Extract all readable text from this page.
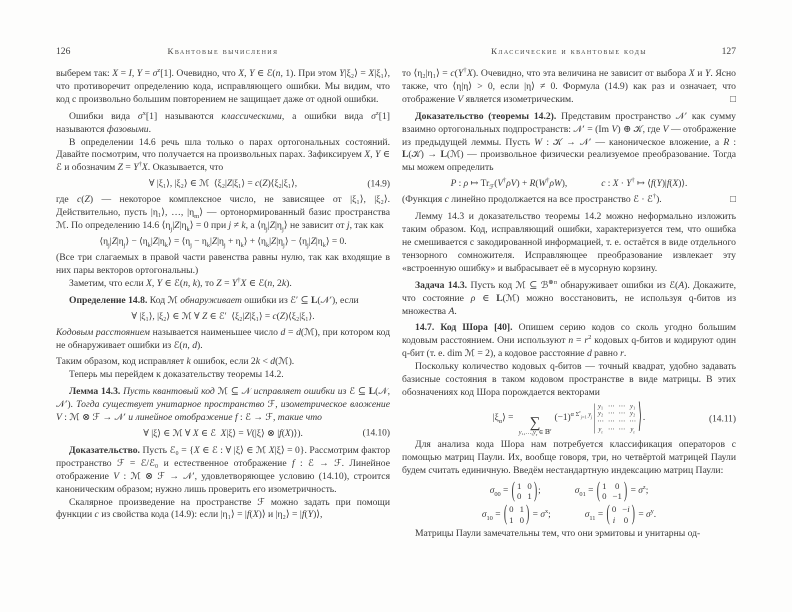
126	Квантовые вычисления

выберем так: X = I, $Y = \sigma^z[1]$. Очевидно, что X, Y ∈ ℰ(n, 1). При этом Y|ξ₂⟩ = X|ξ₁⟩, что противоречит определению кода, исправляющего ошибки. Мы видим, что код с произвольно большим повторением не защищает даже от одной ошибки.

Ошибки вида $\sigma^x[1]$ называются классическими, а ошибки вида $\sigma^z[1]$ называются фазовыми.

В определении 14.6 речь шла только о парах ортогональных состояний. Давайте посмотрим, что получается на произвольных парах. Зафиксируем X, Y ∈ ℰ и обозначим Z = Y†X. Оказывается, что

∀ |ξ₁⟩, |ξ₂⟩ ∈ ℳ ⟨ξ₂|Z|ξ₁⟩ = c(Z)⟨ξ₂|ξ₁⟩,	(14.9)

где c(Z) — некоторое комплексное число, не зависящее от |ξ₁⟩, |ξ₂⟩. Действительно, пусть |η₁⟩, …, $|\eta_m⟩$ — ортонормированный базис пространства ℳ. По определению 14.6 $⟨\eta_j|Z|\eta_k⟩ = 0$ при j ≠ k, а $⟨\eta_j|Z|\eta_j⟩$ не зависит от j, так как

$⟨\eta_j|Z|\eta_j⟩$ − $⟨\eta_k|Z|\eta_k⟩$ = $⟨\eta_j - \eta_k|Z|\eta_j$ + $\eta_k⟩$ + $⟨\eta_k|Z|\eta_j⟩$ − $⟨\eta_j|Z|\eta_k⟩ = 0$.

(Все три слагаемых в правой части равенства равны нулю, так как входящие в них пары векторов ортогональны.)

Заметим, что если X, Y ∈ ℰ(n, k), то Z = Y†X ∈ ℰ(n, 2k).

Определение 14.8. Код ℳ обнаруживает ошибки из ℰ′ ⊆ L(𝒩′), если

∀ |ξ₁⟩, |ξ₂⟩ ∈ ℳ ∀ Z ∈ ℰ′ ⟨ξ₂|Z|ξ₁⟩ = c(Z)⟨ξ₂|ξ₁⟩.

Кодовым расстоянием называется наименьшее число d = d(ℳ), при котором код не обнаруживает ошибки из ℰ(n, d).

Таким образом, код исправляет k ошибок, если 2k < d(ℳ).

Теперь мы перейдем к доказательству теоремы 14.2.

Лемма 14.3. Пусть квантовый код ℳ ⊆ 𝒩 исправляет ошибки из ℰ ⊆ L(𝒩, 𝒩′). Тогда существует унитарное пространство ℱ, изометрическое вложение V : ℳ ⊗ ℱ → 𝒩′ и линейное отображение f : ℰ → ℱ, такие что

∀ |ξ⟩ ∈ ℳ ∀ X ∈ ℰ X|ξ⟩ = V(|ξ⟩ ⊗ |f(X)⟩).	(14.10)

Доказательство. Пусть ℰ₀ = {X ∈ ℰ : ∀ |ξ⟩ ∈ ℳ X|ξ⟩ = 0}. Рассмотрим фактор пространство ℱ = ℰ/ℰ₀ и естественное отображение f : ℰ → ℱ. Линейное отображение V : ℳ ⊗ ℱ → 𝒩′, удовлетворяющее условию (14.10), строится каноническим образом; нужно лишь проверить его изометричность.

Скалярное произведение на пространстве ℱ можно задать при помощи функции c из свойства кода (14.9): если |η₁⟩ = |f(X)⟩ и |η₂⟩ = |f(Y)⟩,

Классические и квантовые коды	127

то ⟨η₂|η₁⟩ = c(Y†X). Очевидно, что эта величина не зависит от выбора X и Y. Ясно также, что ⟨η|η⟩ > 0, если |η⟩ ≠ 0. Формула (14.9) как раз и означает, что отображение V является изометрическим.	□

Доказательство (теоремы 14.2). Представим пространство 𝒩′ как сумму взаимно ортогональных подпространств: 𝒩′ = (Im V) ⊕ 𝒦, где V — отображение из предыдущей леммы. Пусть W : 𝒦 → 𝒩′ — каноническое вложение, а R : L(𝒦) → L(ℳ) — произвольное физически реализуемое преобразование. Тогда мы можем определить

P : ρ ↦ $Tr_ℱ(V^\dagger\rho V) + R(W^\dagger\rho W)$,	c : X · Y† ↦ ⟨f(Y)|f(X)⟩.

(Функция c линейно продолжается на все пространство ℰ · ℰ†).	□

Лемму 14.3 и доказательство теоремы 14.2 можно неформально изложить таким образом. Код, исправляющий ошибки, характеризуется тем, что ошибка не смешивается с закодированной информацией, т. е. остаётся в виде отдельного тензорного сомножителя. Исправляющее преобразование извлекает эту «встроенную ошибку» и выбрасывает её в мусорную корзину.

Задача 14.3. Пусть код ℳ ⊆ ℬ$^{\otimes n}$ обнаруживает ошибки из ℰ(A). Докажите, что состояние ρ ∈ L(ℳ) можно восстановить, не используя q-битов из множества A.

14.7. Код Шора [40]. Опишем серию кодов со сколь угодно большим кодовым расстоянием. Они используют $n = r^2$ кодовых q-битов и кодируют один q-бит (т. е. dim ℳ = 2), а кодовое расстояние d равно r.

Поскольку количество кодовых q-битов — точный квадрат, удобно задавать базисные состояния в таком кодовом пространстве в виде матрицы. В этих обозначениях код Шора порождается векторами

$|\xi_\alpha⟩$ = ∑
$y_1,\dots,y_r$ ∈ 𝔹$^r$
$(-1)^{\alpha \Sigma^r_{j=1} y_j}$ | y₁ ⋯ ⋯ y₁
y₂ ⋯ ⋯ y₂
⋯ ⋯ ⋯ ⋯
$y_r$ ⋯ ⋯ $y_r$ ⟩ .	(14.11)

Для анализа кода Шора нам потребуется классификация операторов с помощью матриц Паули. Их, вообще говоря, три, но четвёртой матрицей Паули будем считать единичную. Введём нестандартную индексацию матриц Паули:

$\sigma_{00}$ = ( 1 0
0 1 ) ;	$\sigma_{01}$ = ( 1 0
0 −1 ) = $\sigma^z$;
$\sigma_{10}$ = ( 0 1
1 0 ) = $\sigma^x$;	$\sigma_{11}$ = ( 0 −i
i 0 ) = $\sigma^y$.

Матрицы Паули замечательны тем, что они эрмитовы и унитарны од-
